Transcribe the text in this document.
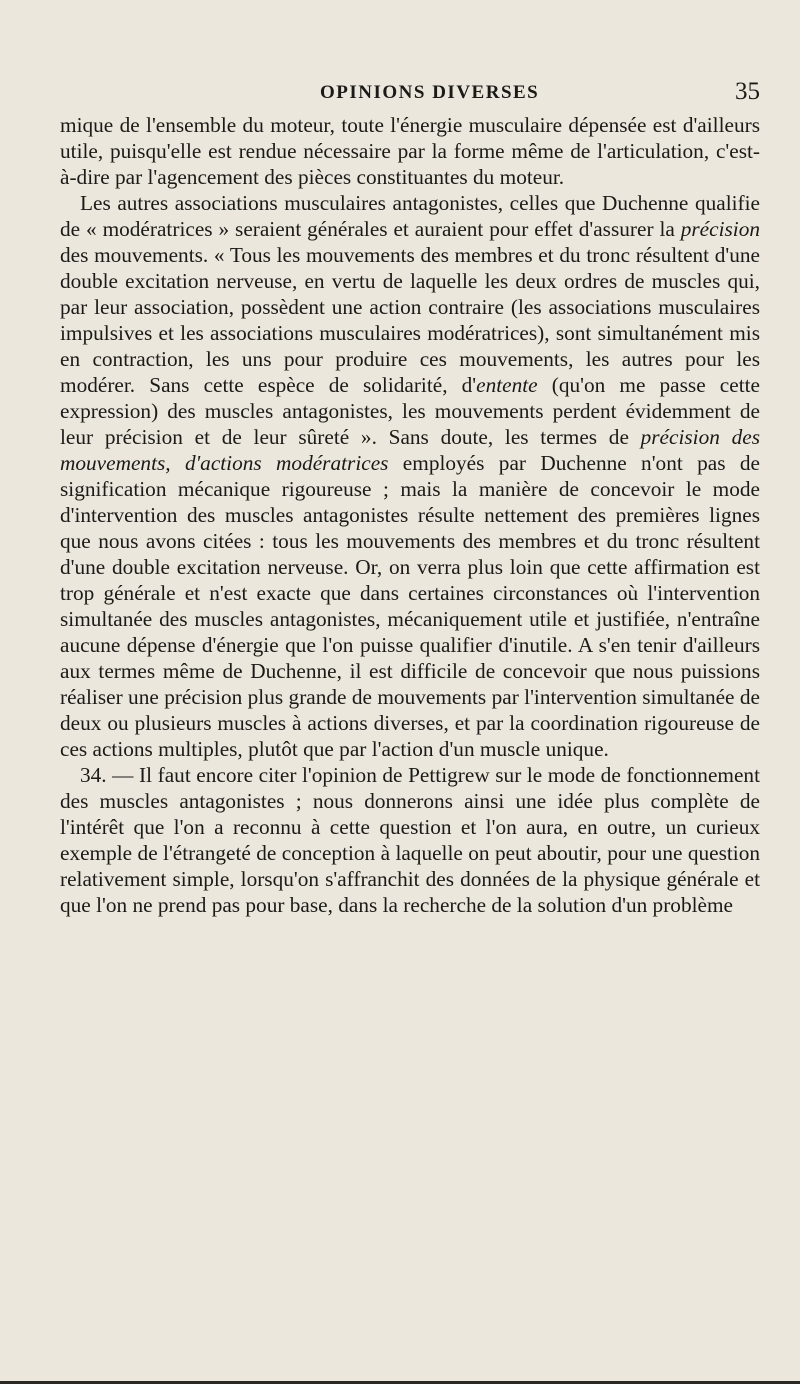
OPINIONS DIVERSES	35

mique de l'ensemble du moteur, toute l'énergie musculaire dépensée est d'ailleurs utile, puisqu'elle est rendue nécessaire par la forme même de l'articulation, c'est-à-dire par l'agencement des pièces constituantes du moteur.

Les autres associations musculaires antagonistes, celles que Duchenne qualifie de « modératrices » seraient générales et auraient pour effet d'assurer la précision des mouvements. « Tous les mouvements des membres et du tronc résultent d'une double excitation nerveuse, en vertu de laquelle les deux ordres de muscles qui, par leur association, possèdent une action contraire (les associations musculaires impulsives et les associations musculaires modératrices), sont simultanément mis en contraction, les uns pour produire ces mouvements, les autres pour les modérer. Sans cette espèce de solidarité, d'entente (qu'on me passe cette expression) des muscles antagonistes, les mouvements perdent évidemment de leur précision et de leur sûreté ». Sans doute, les termes de précision des mouvements, d'actions modératrices employés par Duchenne n'ont pas de signification mécanique rigoureuse ; mais la manière de concevoir le mode d'intervention des muscles antagonistes résulte nettement des premières lignes que nous avons citées : tous les mouvements des membres et du tronc résultent d'une double excitation nerveuse. Or, on verra plus loin que cette affirmation est trop générale et n'est exacte que dans certaines circonstances où l'intervention simultanée des muscles antagonistes, mécaniquement utile et justifiée, n'entraîne aucune dépense d'énergie que l'on puisse qualifier d'inutile. A s'en tenir d'ailleurs aux termes même de Duchenne, il est difficile de concevoir que nous puissions réaliser une précision plus grande de mouvements par l'intervention simultanée de deux ou plusieurs muscles à actions diverses, et par la coordination rigoureuse de ces actions multiples, plutôt que par l'action d'un muscle unique.

34. — Il faut encore citer l'opinion de Pettigrew sur le mode de fonctionnement des muscles antagonistes ; nous donnerons ainsi une idée plus complète de l'intérêt que l'on a reconnu à cette question et l'on aura, en outre, un curieux exemple de l'étrangeté de conception à laquelle on peut aboutir, pour une question relativement simple, lorsqu'on s'affranchit des données de la physique générale et que l'on ne prend pas pour base, dans la recherche de la solution d'un problème
